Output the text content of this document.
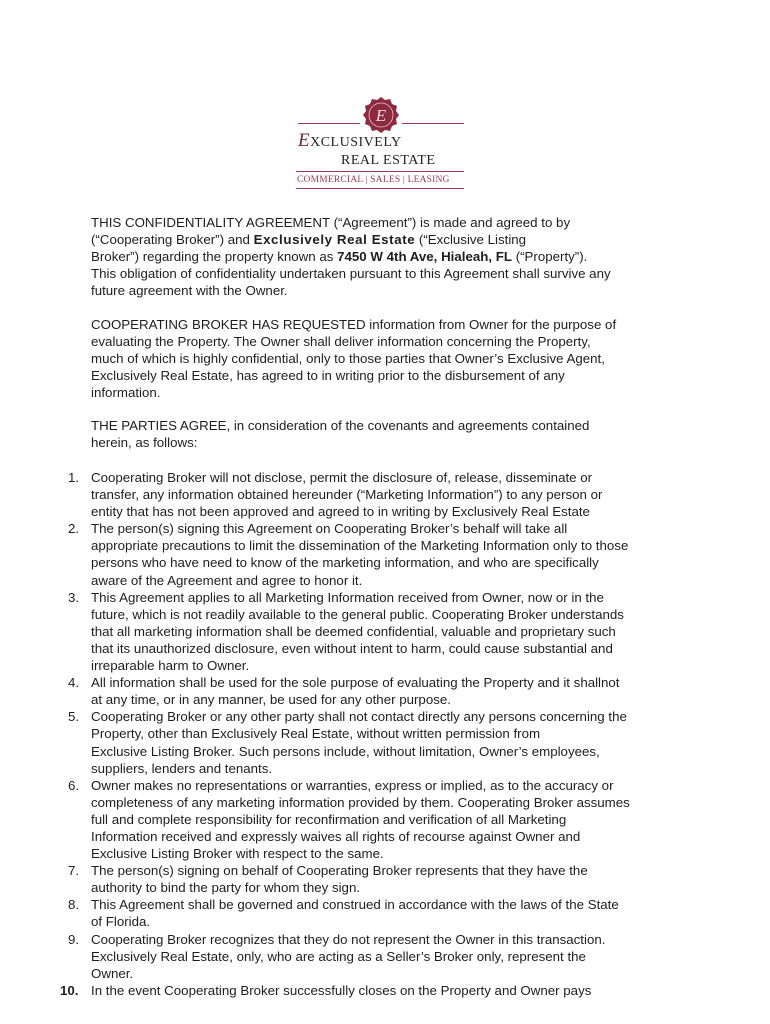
E
EXCLUSIVELY
REAL ESTATE
COMMERCIAL | SALES | LEASING
THIS CONFIDENTIALITY AGREEMENT (“Agreement”) is made and agreed to by
(“Cooperating Broker”) and Exclusively Real Estate (“Exclusive Listing
Broker”) regarding the property known as 7450 W 4th Ave, Hialeah, FL (“Property”).
This obligation of confidentiality undertaken pursuant to this Agreement shall survive any
future agreement with the Owner.
COOPERATING BROKER HAS REQUESTED information from Owner for the purpose of
evaluating the Property. The Owner shall deliver information concerning the Property,
much of which is highly confidential, only to those parties that Owner’s Exclusive Agent,
Exclusively Real Estate, has agreed to in writing prior to the disbursement of any
information.
THE PARTIES AGREE, in consideration of the covenants and agreements contained
herein, as follows:
1. Cooperating Broker will not disclose, permit the disclosure of, release, disseminate or
transfer, any information obtained hereunder (“Marketing Information”) to any person or
entity that has not been approved and agreed to in writing by Exclusively Real Estate
2. The person(s) signing this Agreement on Cooperating Broker’s behalf will take all
appropriate precautions to limit the dissemination of the Marketing Information only to those
persons who have need to know of the marketing information, and who are specifically
aware of the Agreement and agree to honor it.
3. This Agreement applies to all Marketing Information received from Owner, now or in the
future, which is not readily available to the general public. Cooperating Broker understands
that all marketing information shall be deemed confidential, valuable and proprietary such
that its unauthorized disclosure, even without intent to harm, could cause substantial and
irreparable harm to Owner.
4. All information shall be used for the sole purpose of evaluating the Property and it shallnot
at any time, or in any manner, be used for any other purpose.
5. Cooperating Broker or any other party shall not contact directly any persons concerning the
Property, other than Exclusively Real Estate, without written permission from
Exclusive Listing Broker. Such persons include, without limitation, Owner’s employees,
suppliers, lenders and tenants.
6. Owner makes no representations or warranties, express or implied, as to the accuracy or
completeness of any marketing information provided by them. Cooperating Broker assumes
full and complete responsibility for reconfirmation and verification of all Marketing
Information received and expressly waives all rights of recourse against Owner and
Exclusive Listing Broker with respect to the same.
7. The person(s) signing on behalf of Cooperating Broker represents that they have the
authority to bind the party for whom they sign.
8. This Agreement shall be governed and construed in accordance with the laws of the State
of Florida.
9. Cooperating Broker recognizes that they do not represent the Owner in this transaction.
Exclusively Real Estate, only, who are acting as a Seller’s Broker only, represent the
Owner.
10. In the event Cooperating Broker successfully closes on the Property and Owner pays
